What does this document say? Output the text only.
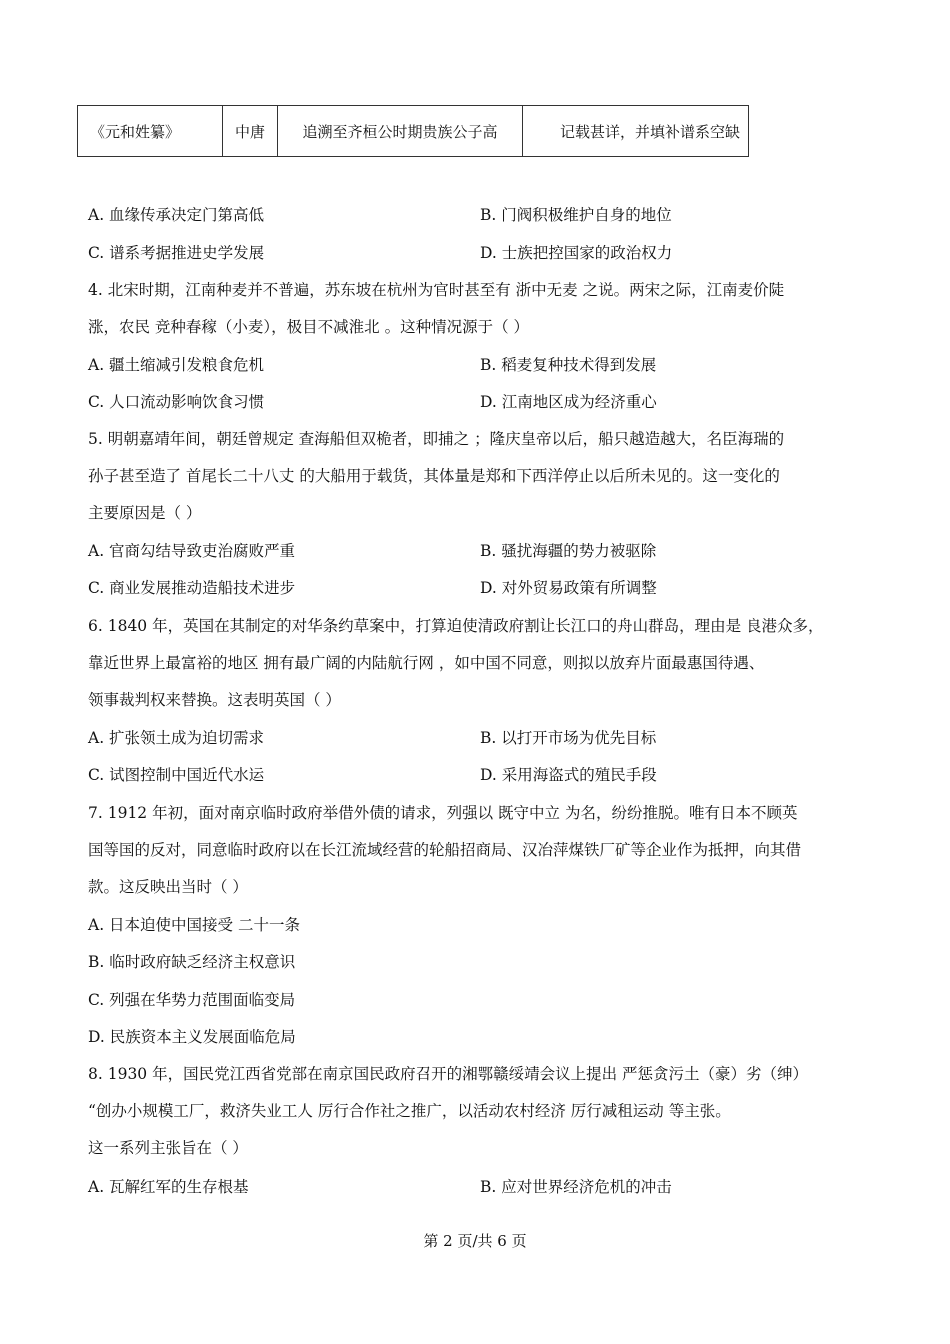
《元和姓纂》	中唐	追溯至齐桓公时期贵族公子高	记载甚详，并填补谱系空缺
A. 血缘传承决定门第高低	B. 门阀积极维护自身的地位
C. 谱系考据推进史学发展	D. 士族把控国家的政治权力
4. 北宋时期，江南种麦并不普遍，苏东坡在杭州为官时甚至有 浙中无麦 之说。两宋之际，江南麦价陡
涨，农民 竞种春稼（小麦），极目不减淮北 。这种情况源于（ ）
A. 疆土缩减引发粮食危机	B. 稻麦复种技术得到发展
C. 人口流动影响饮食习惯	D. 江南地区成为经济重心
5. 明朝嘉靖年间，朝廷曾规定 查海船但双桅者，即捕之 ；隆庆皇帝以后，船只越造越大，名臣海瑞的
孙子甚至造了 首尾长二十八丈 的大船用于载货，其体量是郑和下西洋停止以后所未见的。这一变化的
主要原因是（ ）
A. 官商勾结导致吏治腐败严重	B. 骚扰海疆的势力被驱除
C. 商业发展推动造船技术进步	D. 对外贸易政策有所调整
6. 1840 年，英国在其制定的对华条约草案中，打算迫使清政府割让长江口的舟山群岛，理由是 良港众多，
靠近世界上最富裕的地区 拥有最广阔的内陆航行网 ，如中国不同意，则拟以放弃片面最惠国待遇、
领事裁判权来替换。这表明英国（ ）
A. 扩张领土成为迫切需求	B. 以打开市场为优先目标
C. 试图控制中国近代水运	D. 采用海盗式的殖民手段
7. 1912 年初，面对南京临时政府举借外债的请求，列强以 既守中立 为名，纷纷推脱。唯有日本不顾英
国等国的反对，同意临时政府以在长江流域经营的轮船招商局、汉冶萍煤铁厂矿等企业作为抵押，向其借
款。这反映出当时（ ）
A. 日本迫使中国接受 二十一条
B. 临时政府缺乏经济主权意识
C. 列强在华势力范围面临变局
D. 民族资本主义发展面临危局
8. 1930 年，国民党江西省党部在南京国民政府召开的湘鄂赣绥靖会议上提出 严惩贪污土（豪）劣（绅）
“创办小规模工厂，救济失业工人 厉行合作社之推广，以活动农村经济 厉行减租运动 等主张。
这一系列主张旨在（ ）
A. 瓦解红军的生存根基	B. 应对世界经济危机的冲击
第 2 页/共 6 页
